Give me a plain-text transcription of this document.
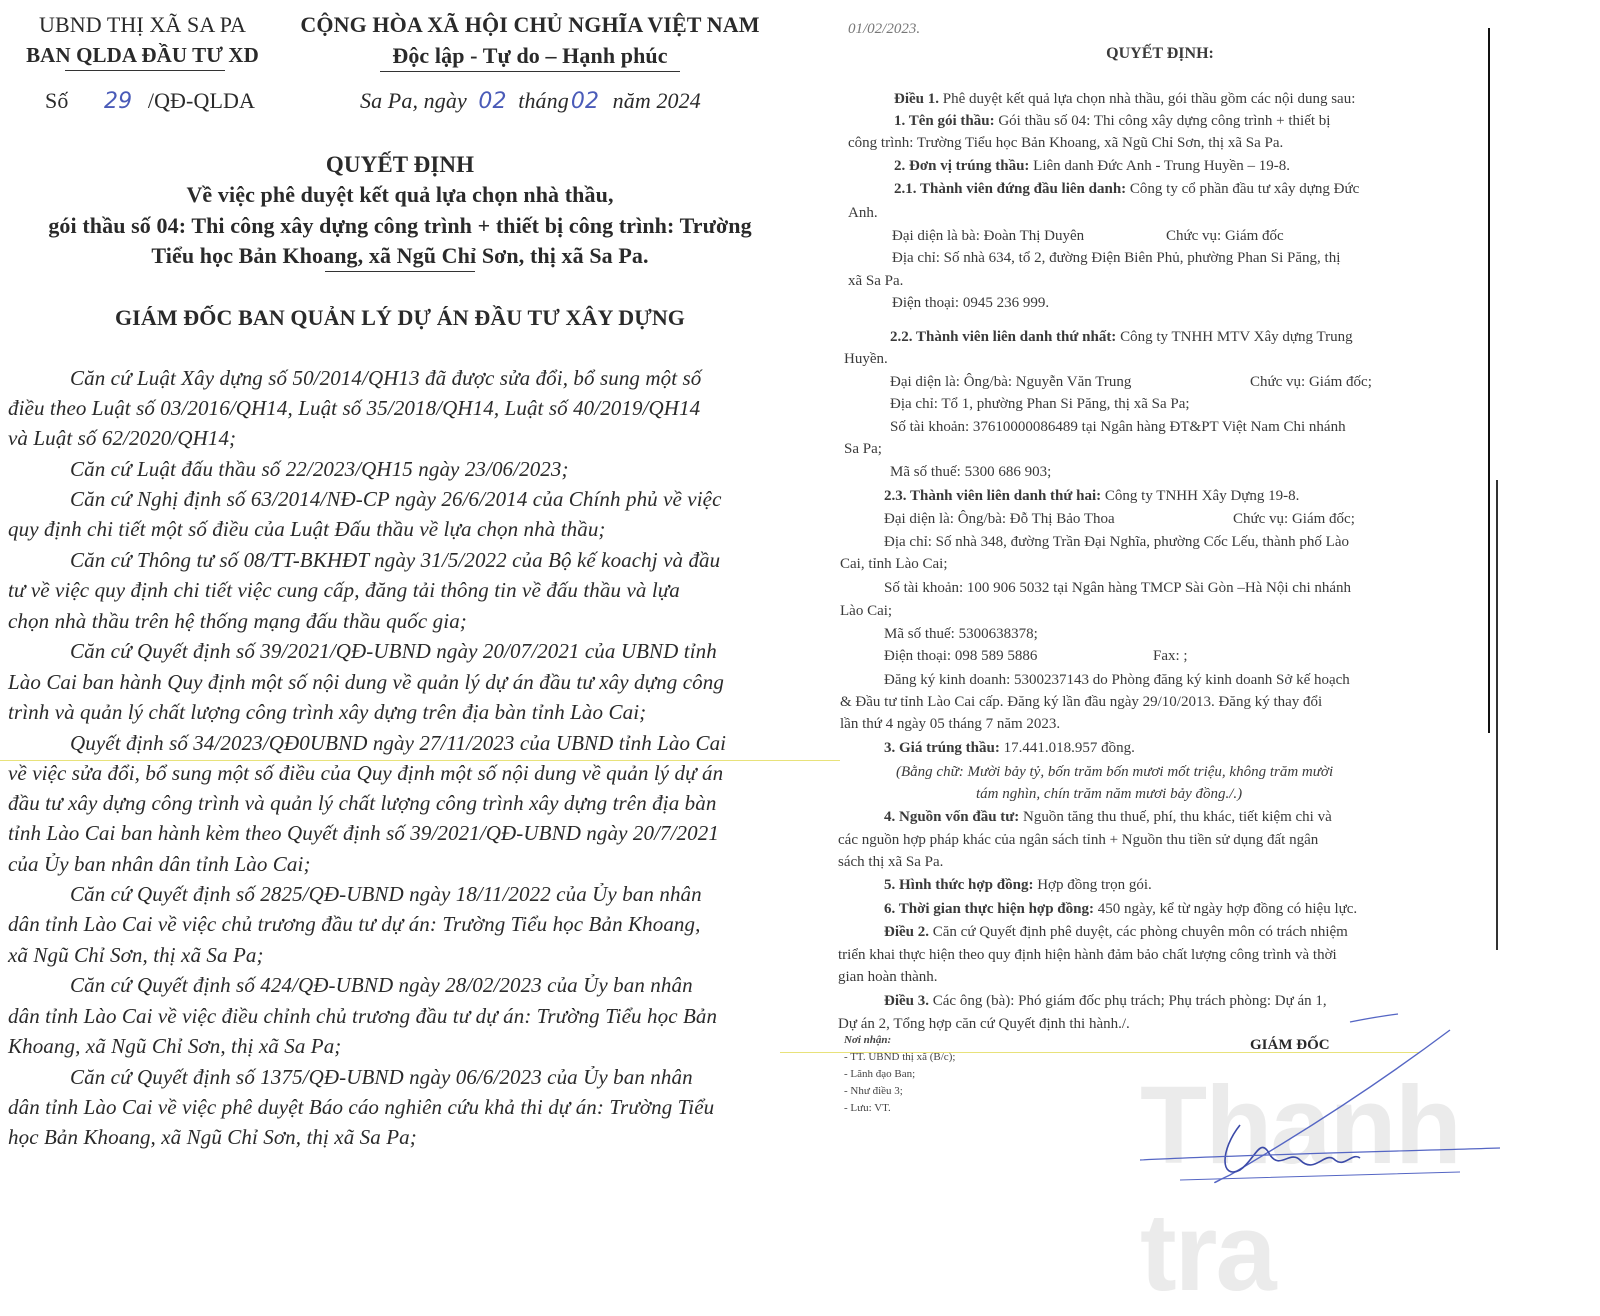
UBND THỊ XÃ SA PA
BAN QLDA ĐẦU TƯ XD
CỘNG HÒA XÃ HỘI CHỦ NGHĨA VIỆT NAM
Độc lập - Tự do – Hạnh phúc
Số 29 /QĐ-QLDA	Sa Pa, ngày 02 tháng02 năm 2024
QUYẾT ĐỊNH
Về việc phê duyệt kết quả lựa chọn nhà thầu,
gói thầu số 04: Thi công xây dựng công trình + thiết bị công trình: Trường
Tiểu học Bản Khoang, xã Ngũ Chỉ Sơn, thị xã Sa Pa.
GIÁM ĐỐC BAN QUẢN LÝ DỰ ÁN ĐẦU TƯ XÂY DỰNG
Căn cứ Luật Xây dựng số 50/2014/QH13 đã được sửa đổi, bổ sung một số
điều theo Luật số 03/2016/QH14, Luật số 35/2018/QH14, Luật số 40/2019/QH14
và Luật số 62/2020/QH14;
Căn cứ Luật đấu thầu số 22/2023/QH15 ngày 23/06/2023;
Căn cứ Nghị định số 63/2014/NĐ-CP ngày 26/6/2014 của Chính phủ về việc
quy định chi tiết một số điều của Luật Đấu thầu về lựa chọn nhà thầu;
Căn cứ Thông tư số 08/TT-BKHĐT ngày 31/5/2022 của Bộ kế koachj và đầu
tư về việc quy định chi tiết việc cung cấp, đăng tải thông tin về đấu thầu và lựa
chọn nhà thầu trên hệ thống mạng đấu thầu quốc gia;
Căn cứ Quyết định số 39/2021/QĐ-UBND ngày 20/07/2021 của UBND tỉnh
Lào Cai ban hành Quy định một số nội dung về quản lý dự án đầu tư xây dựng công
trình và quản lý chất lượng công trình xây dựng trên địa bàn tỉnh Lào Cai;
Quyết định số 34/2023/QĐ0UBND ngày 27/11/2023 của UBND tỉnh Lào Cai
về việc sửa đổi, bổ sung một số điều của Quy định một số nội dung về quản lý dự án
đầu tư xây dựng công trình và quản lý chất lượng công trình xây dựng trên địa bàn
tỉnh Lào Cai ban hành kèm theo Quyết định số 39/2021/QĐ-UBND ngày 20/7/2021
của Ủy ban nhân dân tỉnh Lào Cai;
Căn cứ Quyết định số 2825/QĐ-UBND ngày 18/11/2022 của Ủy ban nhân
dân tỉnh Lào Cai về việc chủ trương đầu tư dự án: Trường Tiểu học Bản Khoang,
xã Ngũ Chỉ Sơn, thị xã Sa Pa;
Căn cứ Quyết định số 424/QĐ-UBND ngày 28/02/2023 của Ủy ban nhân
dân tỉnh Lào Cai về việc điều chỉnh chủ trương đầu tư dự án: Trường Tiểu học Bản
Khoang, xã Ngũ Chỉ Sơn, thị xã Sa Pa;
Căn cứ Quyết định số 1375/QĐ-UBND ngày 06/6/2023 của Ủy ban nhân
dân tỉnh Lào Cai về việc phê duyệt Báo cáo nghiên cứu khả thi dự án: Trường Tiểu
học Bản Khoang, xã Ngũ Chỉ Sơn, thị xã Sa Pa;
01/02/2023.
QUYẾT ĐỊNH:
Điều 1. Phê duyệt kết quả lựa chọn nhà thầu, gói thầu gồm các nội dung sau:
1. Tên gói thầu: Gói thầu số 04: Thi công xây dựng công trình + thiết bị
công trình: Trường Tiểu học Bản Khoang, xã Ngũ Chỉ Sơn, thị xã Sa Pa.
2. Đơn vị trúng thầu: Liên danh Đức Anh - Trung Huyền – 19-8.
2.1. Thành viên đứng đầu liên danh: Công ty cổ phần đầu tư xây dựng Đức
Anh.
Đại diện là bà: Đoàn Thị Duyên	Chức vụ: Giám đốc
Địa chỉ: Số nhà 634, tổ 2, đường Điện Biên Phủ, phường Phan Si Păng, thị
xã Sa Pa.
Điện thoại: 0945 236 999.
2.2. Thành viên liên danh thứ nhất: Công ty TNHH MTV Xây dựng Trung
Huyền.
Đại diện là: Ông/bà: Nguyễn Văn Trung	Chức vụ: Giám đốc;
Địa chỉ: Tổ 1, phường Phan Si Păng, thị xã Sa Pa;
Số tài khoản: 37610000086489 tại Ngân hàng ĐT&PT Việt Nam Chi nhánh
Sa Pa;
Mã số thuế: 5300 686 903;
2.3. Thành viên liên danh thứ hai: Công ty TNHH Xây Dựng 19-8.
Đại diện là: Ông/bà: Đỗ Thị Bảo Thoa	Chức vụ: Giám đốc;
Địa chỉ: Số nhà 348, đường Trần Đại Nghĩa, phường Cốc Lếu, thành phố Lào
Cai, tỉnh Lào Cai;
Số tài khoản: 100 906 5032 tại Ngân hàng TMCP Sài Gòn –Hà Nội chi nhánh
Lào Cai;
Mã số thuế: 5300638378;
Điện thoại: 098 589 5886	Fax: ;
Đăng ký kinh doanh: 5300237143 do Phòng đăng ký kinh doanh Sở kế hoạch
& Đầu tư tỉnh Lào Cai cấp. Đăng ký lần đầu ngày 29/10/2013. Đăng ký thay đổi
lần thứ 4 ngày 05 tháng 7 năm 2023.
3. Giá trúng thầu: 17.441.018.957 đồng.
(Bằng chữ: Mười bảy tỷ, bốn trăm bốn mươi mốt triệu, không trăm mười
tám nghìn, chín trăm năm mươi bảy đồng./.)
4. Nguồn vốn đầu tư: Nguồn tăng thu thuế, phí, thu khác, tiết kiệm chi và
các nguồn hợp pháp khác của ngân sách tỉnh + Nguồn thu tiền sử dụng đất ngân
sách thị xã Sa Pa.
5. Hình thức hợp đồng: Hợp đồng trọn gói.
6. Thời gian thực hiện hợp đồng: 450 ngày, kể từ ngày hợp đồng có hiệu lực.
Điều 2. Căn cứ Quyết định phê duyệt, các phòng chuyên môn có trách nhiệm
triển khai thực hiện theo quy định hiện hành đảm bảo chất lượng công trình và thời
gian hoàn thành.
Điều 3. Các ông (bà): Phó giám đốc phụ trách; Phụ trách phòng: Dự án 1,
Dự án 2, Tổng hợp căn cứ Quyết định thi hành./.
Nơi nhận:
- TT. UBND thị xã (B/c);
- Lãnh đạo Ban;
- Như điều 3;
- Lưu: VT.
GIÁM ĐỐC
Thanh tra
